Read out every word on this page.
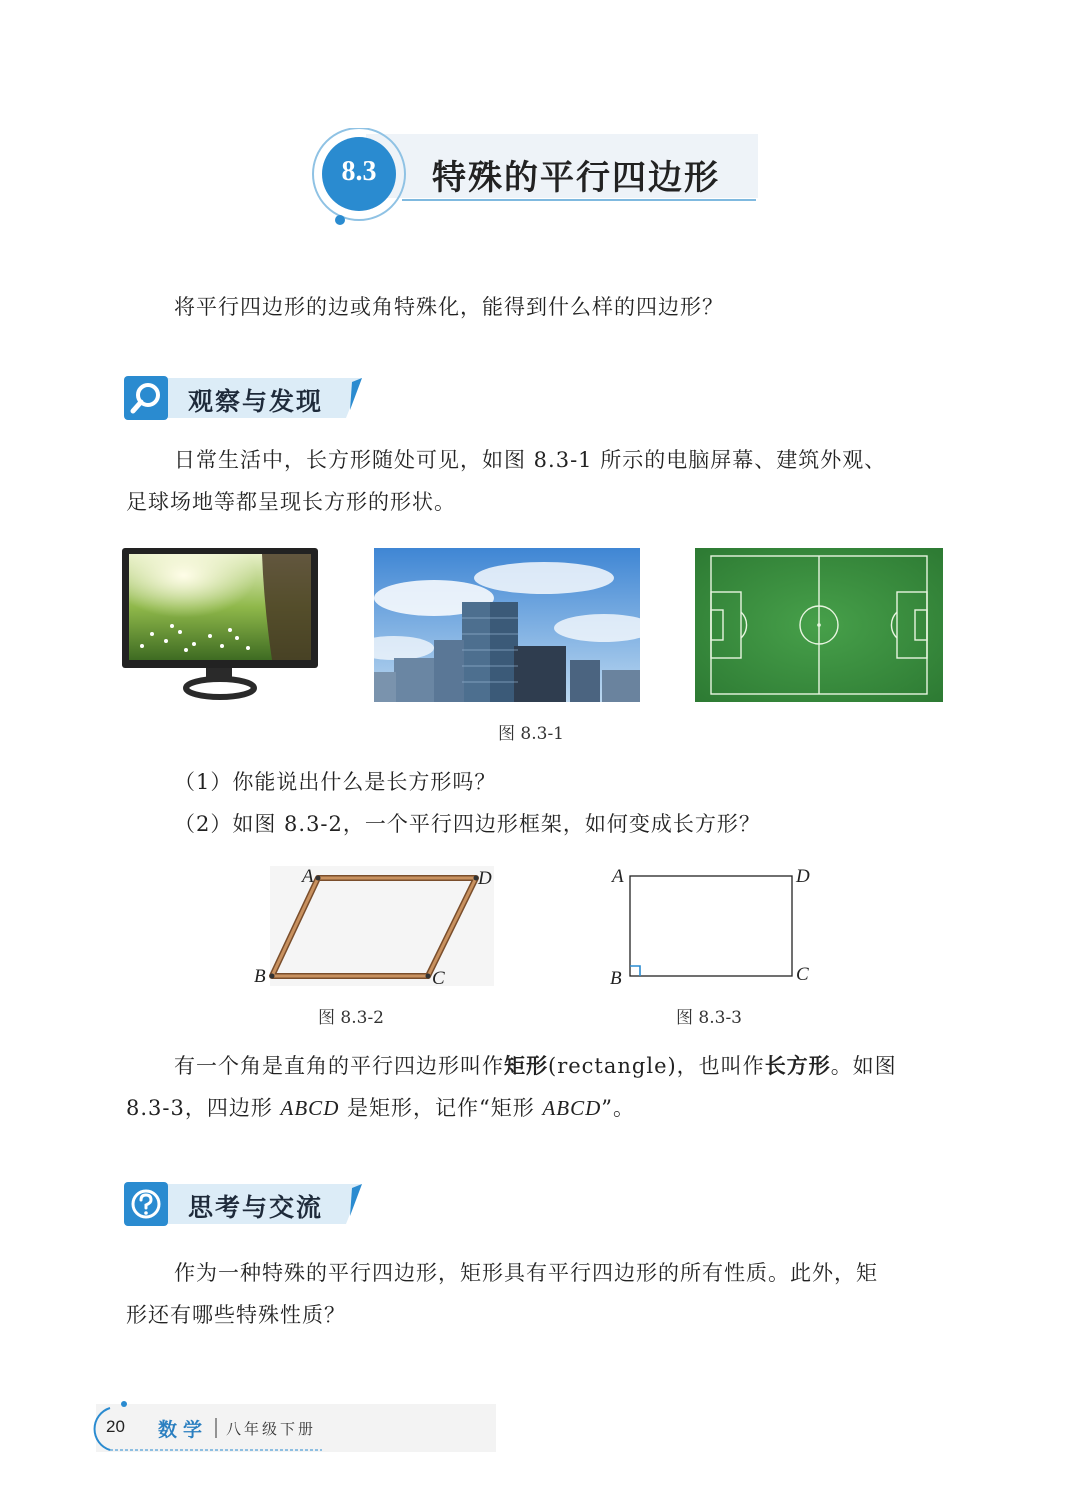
8.3	特殊的平行四边形
将平行四边形的边或角特殊化，能得到什么样的四边形？
观察与发现
日常生活中，长方形随处可见，如图 8.3-1 所示的电脑屏幕、建筑外观、
足球场地等都呈现长方形的形状。
图 8.3-1
（1）你能说出什么是长方形吗？
（2）如图 8.3-2，一个平行四边形框架，如何变成长方形？
A	D
B	C
图 8.3-2
A	D
B	C
图 8.3-3
有一个角是直角的平行四边形叫作矩形(rectangle)，也叫作长方形。如图
8.3-3，四边形 ABCD 是矩形，记作“矩形 ABCD”。
思考与交流
作为一种特殊的平行四边形，矩形具有平行四边形的所有性质。此外，矩
形还有哪些特殊性质？
20 数学 八年级下册
